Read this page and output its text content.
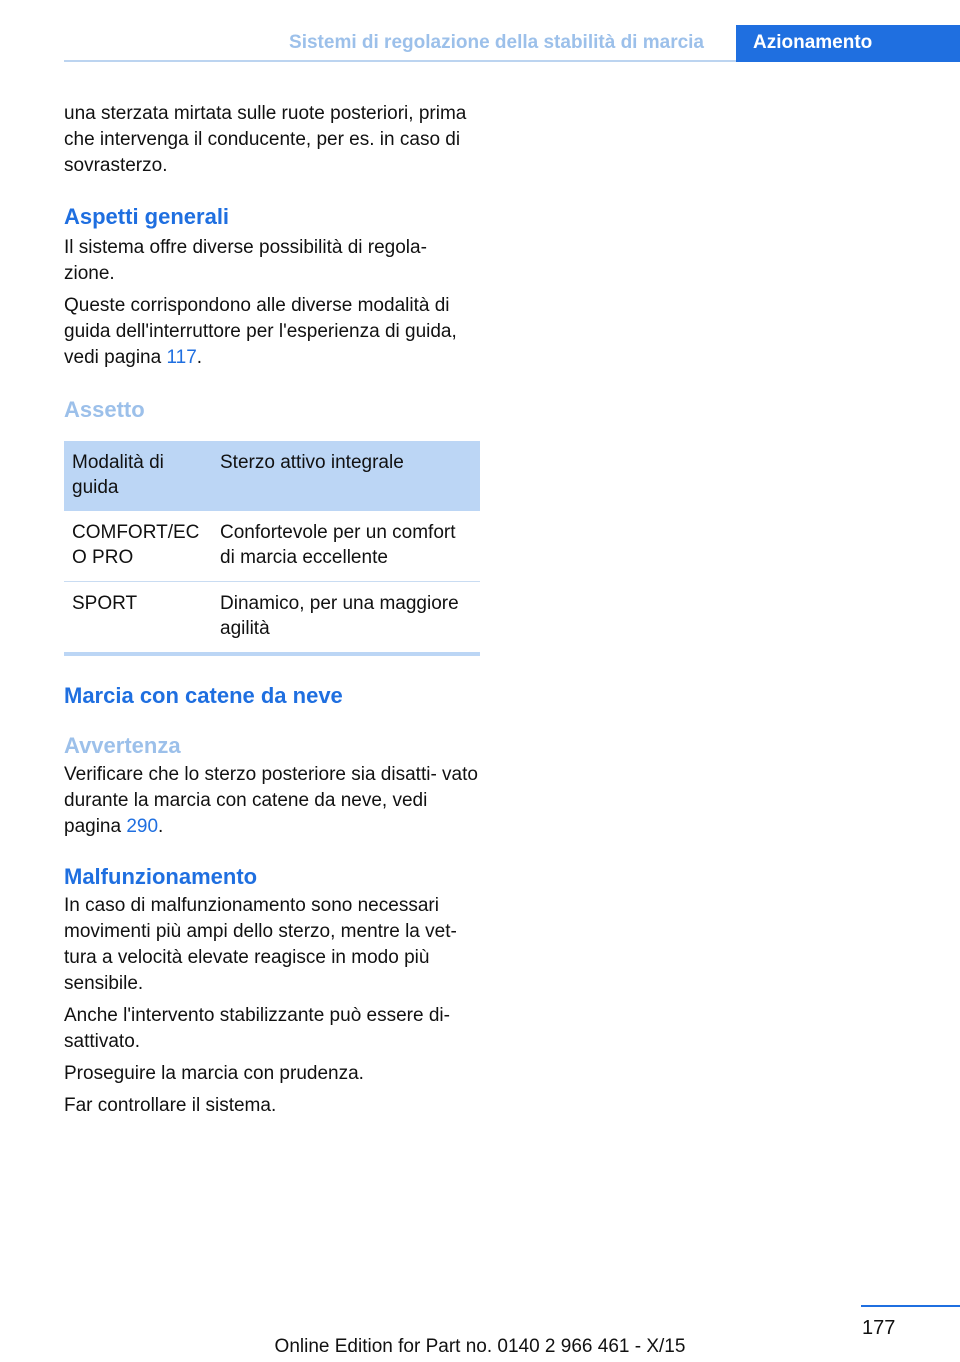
Sistemi di regolazione della stabilità di marcia	Azionamento

una sterzata mirtata sulle ruote posteriori, prima che intervenga il conducente, per es. in caso di sovrasterzo.

Aspetti generali

Il sistema offre diverse possibilità di regola‐ zione.

Queste corrispondono alle diverse modalità di guida dell'interruttore per l'esperienza di guida, vedi pagina 117.

Assetto
Modalità di guida	Sterzo attivo integrale
COMFORT/ECO PRO	Confortevole per un comfort di marcia eccellente
SPORT	Dinamico, per una maggiore agilità
Marcia con catene da neve
Avvertenza

Verificare che lo sterzo posteriore sia disatti‐ vato durante la marcia con catene da neve, vedi pagina 290.

Malfunzionamento

In caso di malfunzionamento sono necessari movimenti più ampi dello sterzo, mentre la vet‐ tura a velocità elevate reagisce in modo più sensibile.

Anche l'intervento stabilizzante può essere di‐ sattivato.

Proseguire la marcia con prudenza.

Far controllare il sistema.

177
Online Edition for Part no. 0140 2 966 461 - X/15
